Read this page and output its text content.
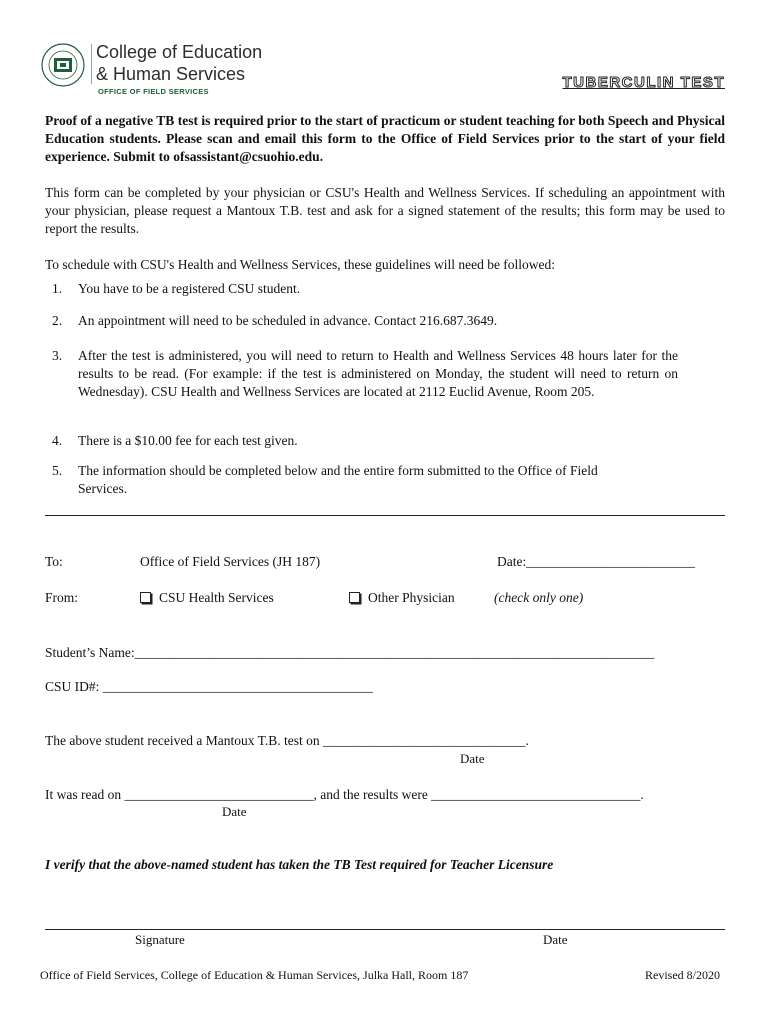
College of Education
& Human Services
OFFICE OF FIELD SERVICES
TUBERCULIN TEST
Proof of a negative TB test is required prior to the start of practicum or student teaching for both Speech and Physical Education students. Please scan and email this form to the Office of Field Services prior to the start of your field experience. Submit to ofsassistant@csuohio.edu.
This form can be completed by your physician or CSU's Health and Wellness Services. If scheduling an appointment with your physician, please request a Mantoux T.B. test and ask for a signed statement of the results; this form may be used to report the results.
To schedule with CSU's Health and Wellness Services, these guidelines will need be followed:
1. You have to be a registered CSU student.
2. An appointment will need to be scheduled in advance. Contact 216.687.3649.
3. After the test is administered, you will need to return to Health and Wellness Services 48 hours later for the results to be read. (For example: if the test is administered on Monday, the student will need to return on Wednesday). CSU Health and Wellness Services are located at 2112 Euclid Avenue, Room 205.
4. There is a $10.00 fee for each test given.
5. The information should be completed below and the entire form submitted to the Office of Field Services.
To:	Office of Field Services (JH 187)	Date:_________________________
From:	CSU Health Services	Other Physician	(check only one)
Student’s Name:_____________________________________________________________________________
CSU ID#: ________________________________________
The above student received a Mantoux T.B. test on ______________________________.
Date
It was read on ____________________________, and the results were _______________________________.
Date
I verify that the above-named student has taken the TB Test required for Teacher Licensure
Signature	Date
Office of Field Services, College of Education & Human Services, Julka Hall, Room 187	Revised 8/2020
